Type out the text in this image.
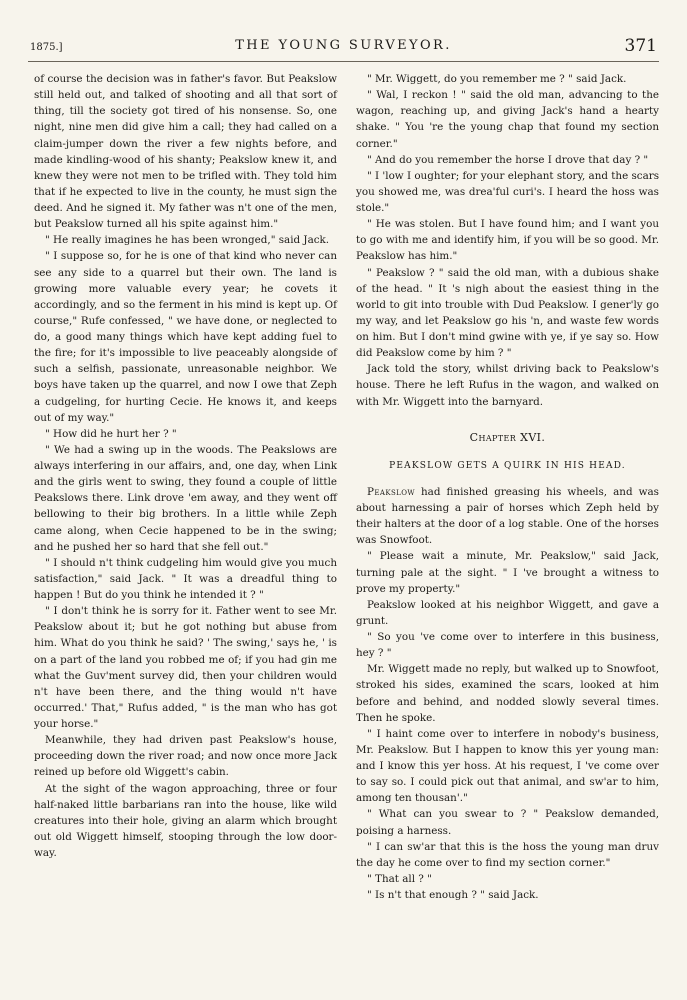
1875.]	THE YOUNG SURVEYOR.	371

of course the decision was in father's favor. But Peakslow still held out, and talked of shooting and all that sort of thing, till the society got tired of his nonsense. So, one night, nine men did give him a call; they had called on a claim-jumper down the river a few nights before, and made kindling-wood of his shanty; Peakslow knew it, and knew they were not men to be trifled with. They told him that if he expected to live in the county, he must sign the deed. And he signed it. My father was n't one of the men, but Peakslow turned all his spite against him."

" He really imagines he has been wronged," said Jack.

" I suppose so, for he is one of that kind who never can see any side to a quarrel but their own. The land is growing more valuable every year; he covets it accordingly, and so the ferment in his mind is kept up. Of course," Rufe confessed, " we have done, or neglected to do, a good many things which have kept adding fuel to the fire; for it's impossible to live peaceably alongside of such a selfish, passionate, unreasonable neighbor. We boys have taken up the quarrel, and now I owe that Zeph a cudgeling, for hurting Cecie. He knows it, and keeps out of my way."

" How did he hurt her ? "

" We had a swing up in the woods. The Peakslows are always interfering in our affairs, and, one day, when Link and the girls went to swing, they found a couple of little Peakslows there. Link drove 'em away, and they went off bellowing to their big brothers. In a little while Zeph came along, when Cecie happened to be in the swing; and he pushed her so hard that she fell out."

" I should n't think cudgeling him would give you much satisfaction," said Jack. " It was a dreadful thing to happen ! But do you think he intended it ? "

" I don't think he is sorry for it. Father went to see Mr. Peakslow about it; but he got nothing but abuse from him. What do you think he said? ' The swing,' says he, ' is on a part of the land you robbed me of; if you had gin me what the Guv'ment survey did, then your children would n't have been there, and the thing would n't have occurred.' That," Rufus added, " is the man who has got your horse."

Meanwhile, they had driven past Peakslow's house, proceeding down the river road; and now once more Jack reined up before old Wiggett's cabin.

At the sight of the wagon approaching, three or four half-naked little barbarians ran into the house, like wild creatures into their hole, giving an alarm which brought out old Wiggett himself, stooping through the low door-way.

" Mr. Wiggett, do you remember me ? " said Jack.

" Wal, I reckon ! " said the old man, advancing to the wagon, reaching up, and giving Jack's hand a hearty shake. " You 're the young chap that found my section corner."

" And do you remember the horse I drove that day ? "

" I 'low I oughter; for your elephant story, and the scars you showed me, was drea'ful curi's. I heard the hoss was stole."

" He was stolen. But I have found him; and I want you to go with me and identify him, if you will be so good. Mr. Peakslow has him."

" Peakslow ? " said the old man, with a dubious shake of the head. " It 's nigh about the easiest thing in the world to git into trouble with Dud Peakslow. I gener'ly go my way, and let Peakslow go his 'n, and waste few words on him. But I don't mind gwine with ye, if ye say so. How did Peakslow come by him ? "

Jack told the story, whilst driving back to Peakslow's house. There he left Rufus in the wagon, and walked on with Mr. Wiggett into the barnyard.

Chapter XVI.
PEAKSLOW GETS A QUIRK IN HIS HEAD.

Peakslow had finished greasing his wheels, and was about harnessing a pair of horses which Zeph held by their halters at the door of a log stable. One of the horses was Snowfoot.

" Please wait a minute, Mr. Peakslow," said Jack, turning pale at the sight. " I 've brought a witness to prove my property."

Peakslow looked at his neighbor Wiggett, and gave a grunt.

" So you 've come over to interfere in this business, hey ? "

Mr. Wiggett made no reply, but walked up to Snowfoot, stroked his sides, examined the scars, looked at him before and behind, and nodded slowly several times. Then he spoke.

" I haint come over to interfere in nobody's business, Mr. Peakslow. But I happen to know this yer young man: and I know this yer hoss. At his request, I 've come over to say so. I could pick out that animal, and sw'ar to him, among ten thousan'."

" What can you swear to ? " Peakslow demanded, poising a harness.

" I can sw'ar that this is the hoss the young man druv the day he come over to find my section corner."

" That all ? "

" Is n't that enough ? " said Jack.
